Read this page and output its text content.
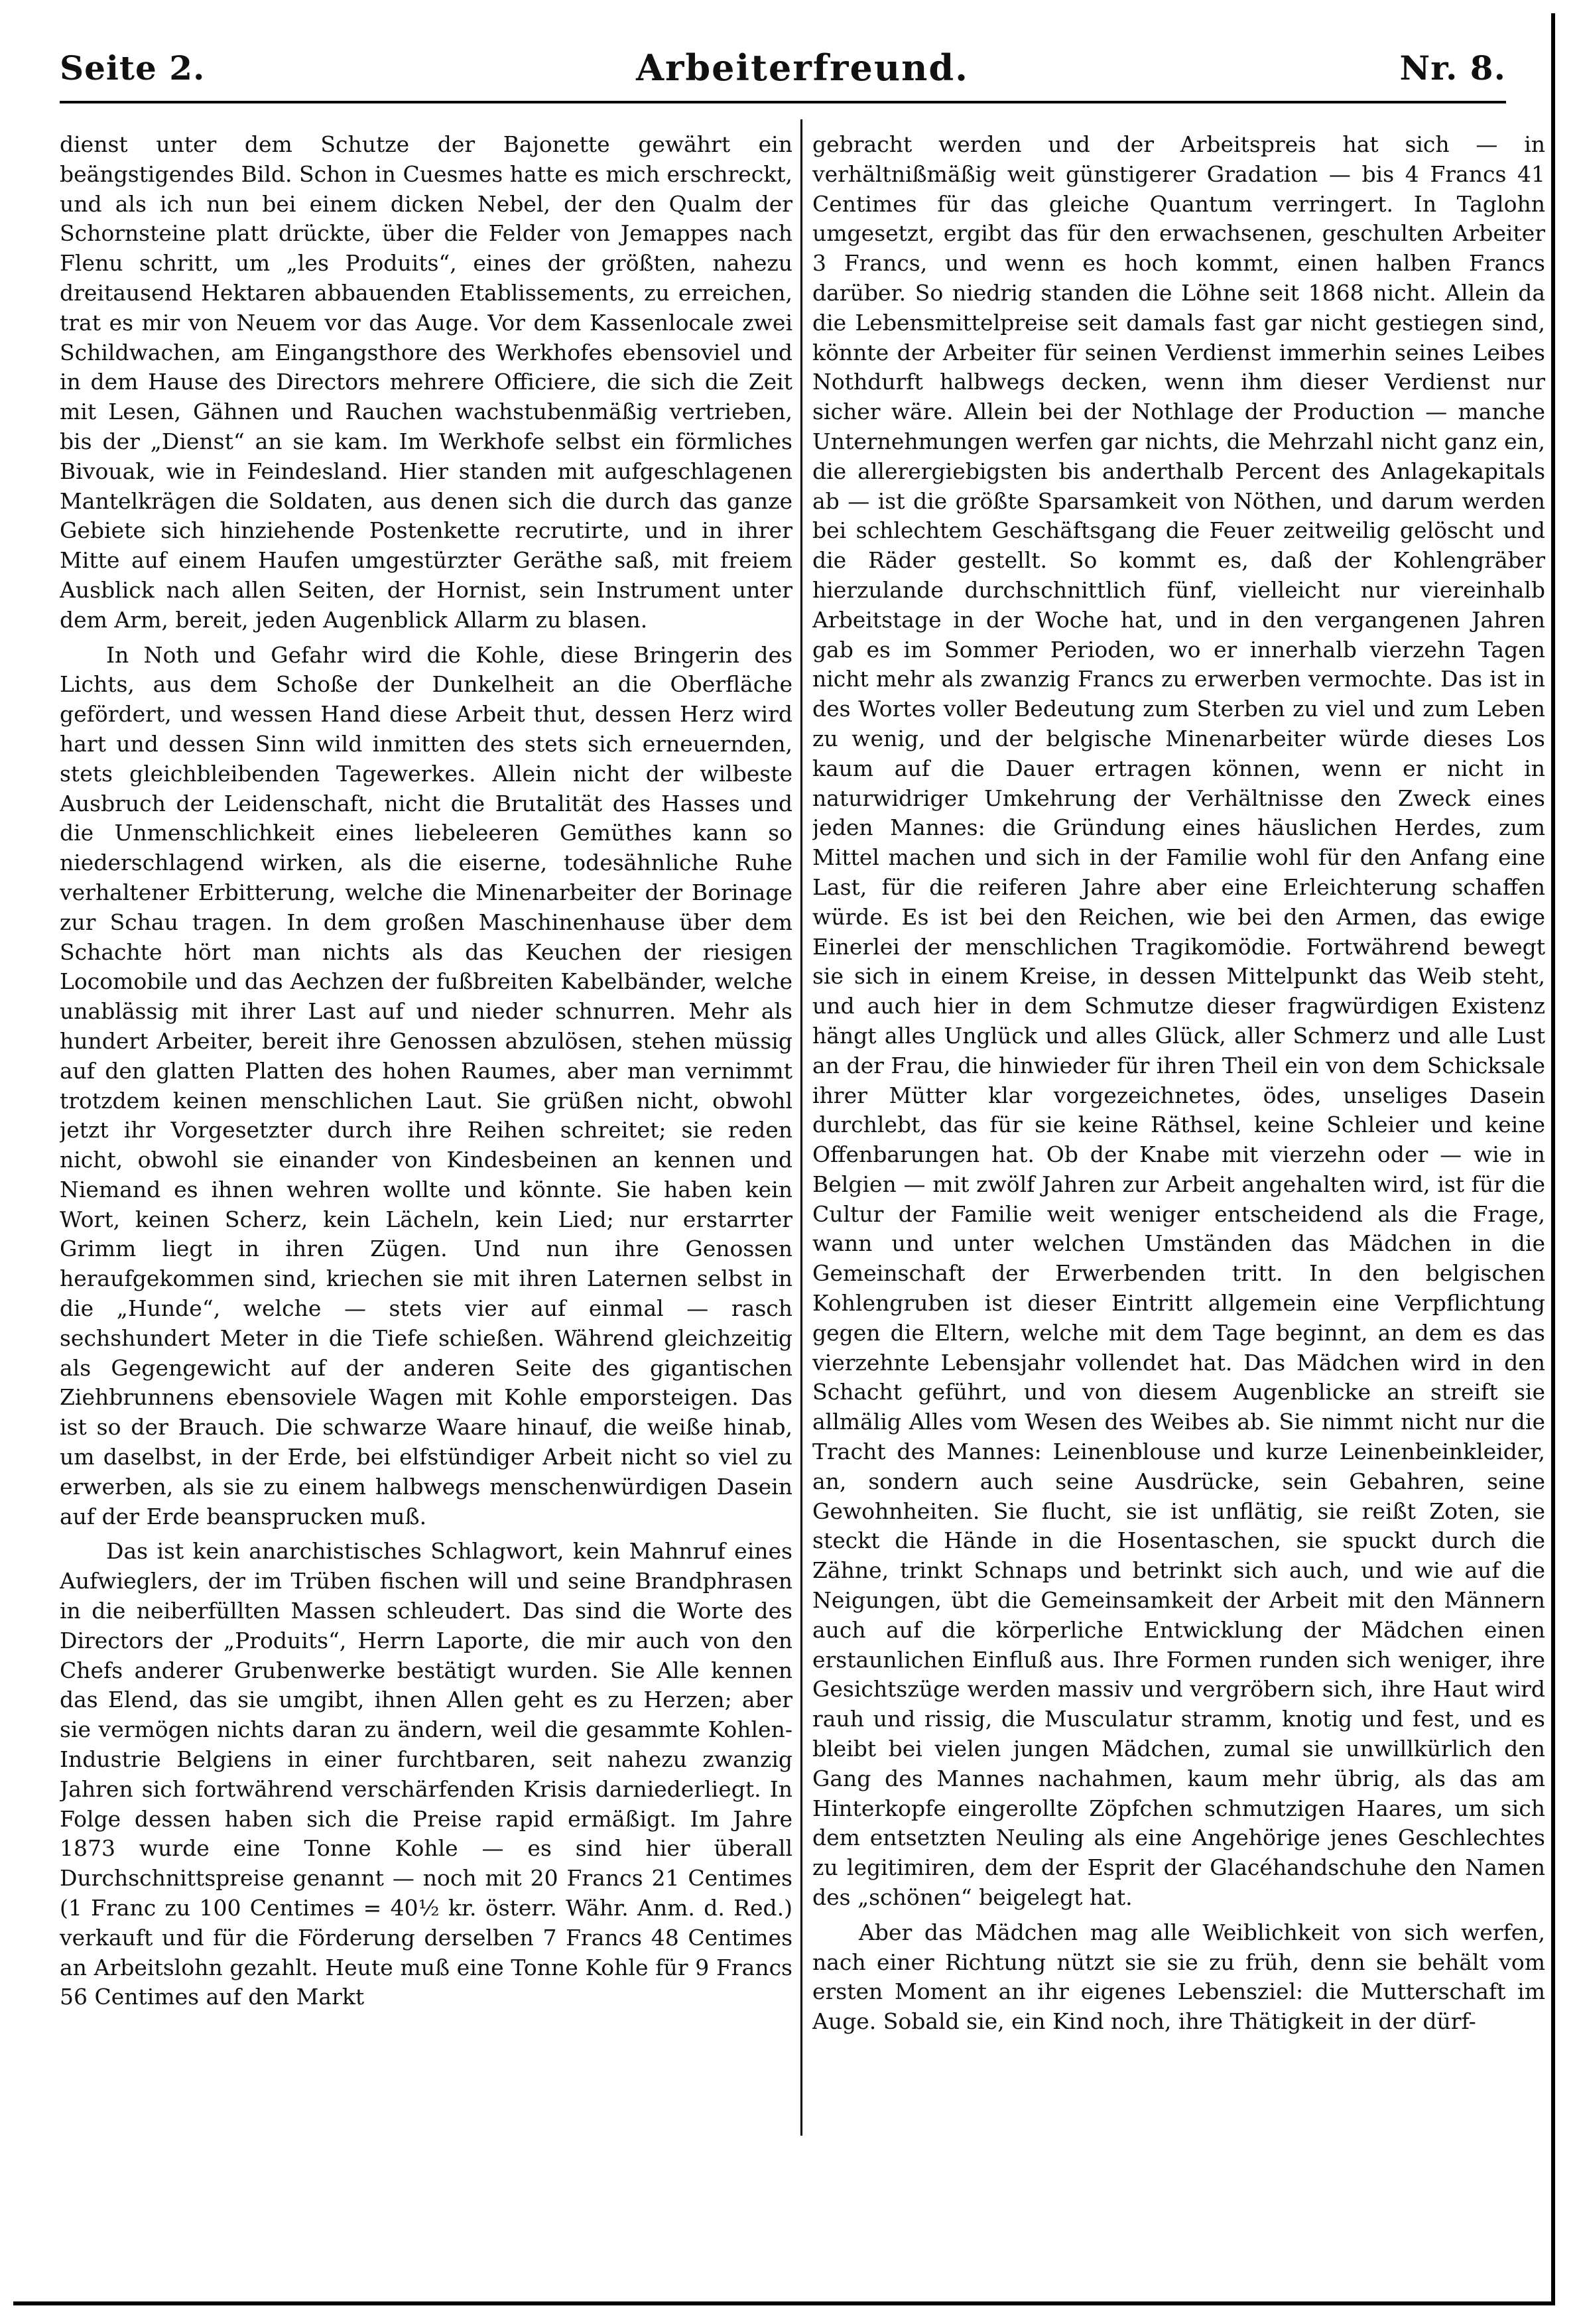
Seite 2.	Arbeiterfreund.	Nr. 8.

dienst unter dem Schutze der Bajonette gewährt ein beängstigendes Bild. Schon in Cuesmes hatte es mich erschreckt, und als ich nun bei einem dicken Nebel, der den Qualm der Schornsteine platt drückte, über die Felder von Jemappes nach Flenu schritt, um „les Produits“, eines der größten, nahezu dreitausend Hektaren abbauenden Etablissements, zu erreichen, trat es mir von Neuem vor das Auge. Vor dem Kassenlocale zwei Schildwachen, am Eingangsthore des Werkhofes ebensoviel und in dem Hause des Directors mehrere Officiere, die sich die Zeit mit Lesen, Gähnen und Rauchen wachstubenmäßig vertrieben, bis der „Dienst“ an sie kam. Im Werkhofe selbst ein förmliches Bivouak, wie in Feindesland. Hier standen mit aufgeschlagenen Mantelkrägen die Soldaten, aus denen sich die durch das ganze Gebiete sich hinziehende Postenkette recrutirte, und in ihrer Mitte auf einem Haufen umgestürzter Geräthe saß, mit freiem Ausblick nach allen Seiten, der Hornist, sein Instrument unter dem Arm, bereit, jeden Augenblick Allarm zu blasen.

In Noth und Gefahr wird die Kohle, diese Bringerin des Lichts, aus dem Schoße der Dunkelheit an die Oberfläche gefördert, und wessen Hand diese Arbeit thut, dessen Herz wird hart und dessen Sinn wild inmitten des stets sich erneuernden, stets gleichbleibenden Tagewerkes. Allein nicht der wilbeste Ausbruch der Leidenschaft, nicht die Brutalität des Hasses und die Unmenschlichkeit eines liebeleeren Gemüthes kann so niederschlagend wirken, als die eiserne, todesähnliche Ruhe verhaltener Erbitterung, welche die Minenarbeiter der Borinage zur Schau tragen. In dem großen Maschinenhause über dem Schachte hört man nichts als das Keuchen der riesigen Locomobile und das Aechzen der fußbreiten Kabelbänder, welche unablässig mit ihrer Last auf und nieder schnurren. Mehr als hundert Arbeiter, bereit ihre Genossen abzulösen, stehen müssig auf den glatten Platten des hohen Raumes, aber man vernimmt trotzdem keinen menschlichen Laut. Sie grüßen nicht, obwohl jetzt ihr Vorgesetzter durch ihre Reihen schreitet; sie reden nicht, obwohl sie einander von Kindesbeinen an kennen und Niemand es ihnen wehren wollte und könnte. Sie haben kein Wort, keinen Scherz, kein Lächeln, kein Lied; nur erstarrter Grimm liegt in ihren Zügen. Und nun ihre Genossen heraufgekommen sind, kriechen sie mit ihren Laternen selbst in die „Hunde“, welche — stets vier auf einmal — rasch sechshundert Meter in die Tiefe schießen. Während gleichzeitig als Gegengewicht auf der anderen Seite des gigantischen Ziehbrunnens ebensoviele Wagen mit Kohle emporsteigen. Das ist so der Brauch. Die schwarze Waare hinauf, die weiße hinab, um daselbst, in der Erde, bei elfstündiger Arbeit nicht so viel zu erwerben, als sie zu einem halbwegs menschenwürdigen Dasein auf der Erde beansprucken muß.

Das ist kein anarchistisches Schlagwort, kein Mahnruf eines Aufwieglers, der im Trüben fischen will und seine Brandphrasen in die neiberfüllten Massen schleudert. Das sind die Worte des Directors der „Produits“, Herrn Laporte, die mir auch von den Chefs anderer Grubenwerke bestätigt wurden. Sie Alle kennen das Elend, das sie umgibt, ihnen Allen geht es zu Herzen; aber sie vermögen nichts daran zu ändern, weil die gesammte Kohlen-Industrie Belgiens in einer furchtbaren, seit nahezu zwanzig Jahren sich fortwährend verschärfenden Krisis darniederliegt. In Folge dessen haben sich die Preise rapid ermäßigt. Im Jahre 1873 wurde eine Tonne Kohle — es sind hier überall Durchschnittspreise genannt — noch mit 20 Francs 21 Centimes (1 Franc zu 100 Centimes = 40½ kr. österr. Währ. Anm. d. Red.) verkauft und für die Förderung derselben 7 Francs 48 Centimes an Arbeitslohn gezahlt. Heute muß eine Tonne Kohle für 9 Francs 56 Centimes auf den Markt

gebracht werden und der Arbeitspreis hat sich — in verhältnißmäßig weit günstigerer Gradation — bis 4 Francs 41 Centimes für das gleiche Quantum verringert. In Taglohn umgesetzt, ergibt das für den erwachsenen, geschulten Arbeiter 3 Francs, und wenn es hoch kommt, einen halben Francs darüber. So niedrig standen die Löhne seit 1868 nicht. Allein da die Lebensmittelpreise seit damals fast gar nicht gestiegen sind, könnte der Arbeiter für seinen Verdienst immerhin seines Leibes Nothdurft halbwegs decken, wenn ihm dieser Verdienst nur sicher wäre. Allein bei der Nothlage der Production — manche Unternehmungen werfen gar nichts, die Mehrzahl nicht ganz ein, die allerergiebigsten bis anderthalb Percent des Anlagekapitals ab — ist die größte Sparsamkeit von Nöthen, und darum werden bei schlechtem Geschäftsgang die Feuer zeitweilig gelöscht und die Räder gestellt. So kommt es, daß der Kohlengräber hierzulande durchschnittlich fünf, vielleicht nur viereinhalb Arbeitstage in der Woche hat, und in den vergangenen Jahren gab es im Sommer Perioden, wo er innerhalb vierzehn Tagen nicht mehr als zwanzig Francs zu erwerben vermochte. Das ist in des Wortes voller Bedeutung zum Sterben zu viel und zum Leben zu wenig, und der belgische Minenarbeiter würde dieses Los kaum auf die Dauer ertragen können, wenn er nicht in naturwidriger Umkehrung der Verhältnisse den Zweck eines jeden Mannes: die Gründung eines häuslichen Herdes, zum Mittel machen und sich in der Familie wohl für den Anfang eine Last, für die reiferen Jahre aber eine Erleichterung schaffen würde. Es ist bei den Reichen, wie bei den Armen, das ewige Einerlei der menschlichen Tragikomödie. Fortwährend bewegt sie sich in einem Kreise, in dessen Mittelpunkt das Weib steht, und auch hier in dem Schmutze dieser fragwürdigen Existenz hängt alles Unglück und alles Glück, aller Schmerz und alle Lust an der Frau, die hinwieder für ihren Theil ein von dem Schicksale ihrer Mütter klar vorgezeichnetes, ödes, unseliges Dasein durchlebt, das für sie keine Räthsel, keine Schleier und keine Offenbarungen hat. Ob der Knabe mit vierzehn oder — wie in Belgien — mit zwölf Jahren zur Arbeit angehalten wird, ist für die Cultur der Familie weit weniger entscheidend als die Frage, wann und unter welchen Umständen das Mädchen in die Gemeinschaft der Erwerbenden tritt. In den belgischen Kohlengruben ist dieser Eintritt allgemein eine Verpflichtung gegen die Eltern, welche mit dem Tage beginnt, an dem es das vierzehnte Lebensjahr vollendet hat. Das Mädchen wird in den Schacht geführt, und von diesem Augenblicke an streift sie allmälig Alles vom Wesen des Weibes ab. Sie nimmt nicht nur die Tracht des Mannes: Leinenblouse und kurze Leinenbeinkleider, an, sondern auch seine Ausdrücke, sein Gebahren, seine Gewohnheiten. Sie flucht, sie ist unflätig, sie reißt Zoten, sie steckt die Hände in die Hosentaschen, sie spuckt durch die Zähne, trinkt Schnaps und betrinkt sich auch, und wie auf die Neigungen, übt die Gemeinsamkeit der Arbeit mit den Männern auch auf die körperliche Entwicklung der Mädchen einen erstaunlichen Einfluß aus. Ihre Formen runden sich weniger, ihre Gesichtszüge werden massiv und vergröbern sich, ihre Haut wird rauh und rissig, die Musculatur stramm, knotig und fest, und es bleibt bei vielen jungen Mädchen, zumal sie unwillkürlich den Gang des Mannes nachahmen, kaum mehr übrig, als das am Hinterkopfe eingerollte Zöpfchen schmutzigen Haares, um sich dem entsetzten Neuling als eine Angehörige jenes Geschlechtes zu legitimiren, dem der Esprit der Glacéhandschuhe den Namen des „schönen“ beigelegt hat.

Aber das Mädchen mag alle Weiblichkeit von sich werfen, nach einer Richtung nützt sie sie zu früh, denn sie behält vom ersten Moment an ihr eigenes Lebensziel: die Mutterschaft im Auge. Sobald sie, ein Kind noch, ihre Thätigkeit in der dürf-
